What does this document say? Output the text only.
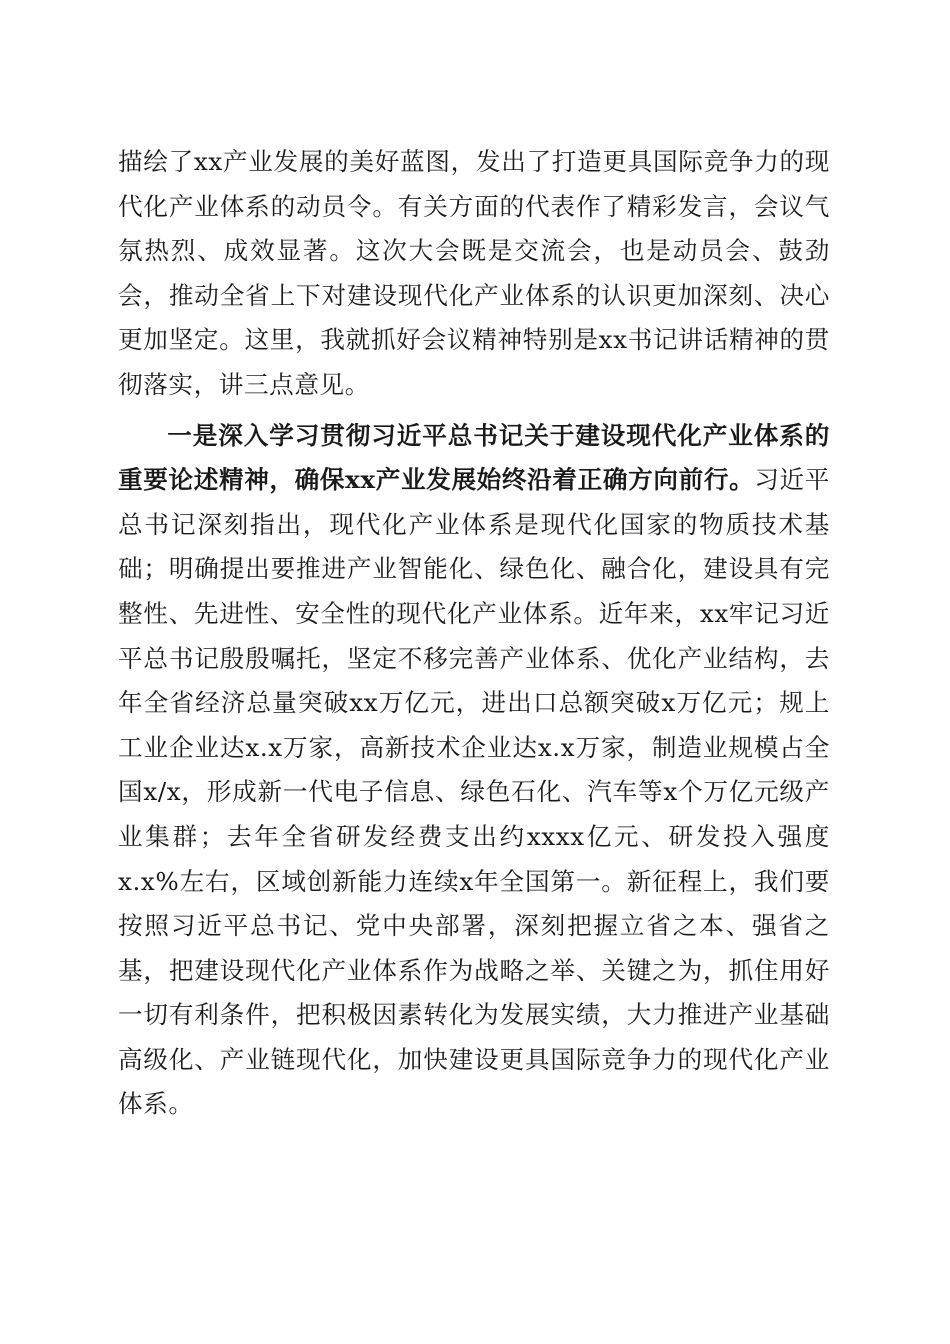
描绘了xx产业发展的美好蓝图，发出了打造更具国际竞争力的现代化产业体系的动员令。有关方面的代表作了精彩发言，会议气氛热烈、成效显著。这次大会既是交流会，也是动员会、鼓劲会，推动全省上下对建设现代化产业体系的认识更加深刻、决心更加坚定。这里，我就抓好会议精神特别是xx书记讲话精神的贯彻落实，讲三点意见。

一是深入学习贯彻习近平总书记关于建设现代化产业体系的重要论述精神，确保xx产业发展始终沿着正确方向前行。习近平总书记深刻指出，现代化产业体系是现代化国家的物质技术基础；明确提出要推进产业智能化、绿色化、融合化，建设具有完整性、先进性、安全性的现代化产业体系。近年来，xx牢记习近平总书记殷殷嘱托，坚定不移完善产业体系、优化产业结构，去年全省经济总量突破xx万亿元，进出口总额突破x万亿元；规上工业企业达x.x万家，高新技术企业达x.x万家，制造业规模占全国x/x，形成新一代电子信息、绿色石化、汽车等x个万亿元级产业集群；去年全省研发经费支出约xxxx亿元、研发投入强度x.x%左右，区域创新能力连续x年全国第一。新征程上，我们要按照习近平总书记、党中央部署，深刻把握立省之本、强省之基，把建设现代化产业体系作为战略之举、关键之为，抓住用好一切有利条件，把积极因素转化为发展实绩，大力推进产业基础高级化、产业链现代化，加快建设更具国际竞争力的现代化产业体系。
